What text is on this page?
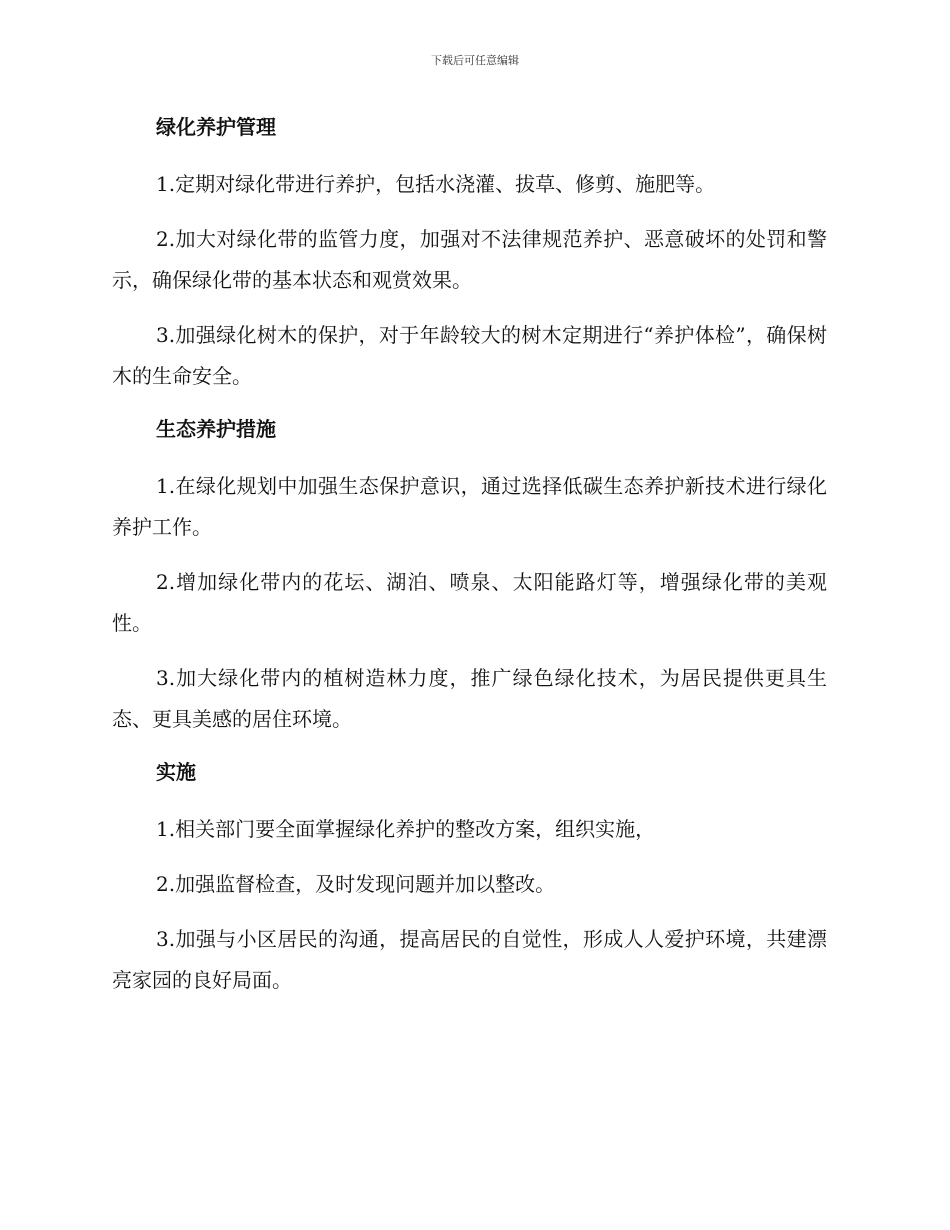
下载后可任意编辑

绿化养护管理

1.定期对绿化带进行养护，包括水浇灌、拔草、修剪、施肥等。

2.加大对绿化带的监管力度，加强对不法律规范养护、恶意破坏的处罚和警示，确保绿化带的基本状态和观赏效果。

3.加强绿化树木的保护，对于年龄较大的树木定期进行“养护体检”，确保树木的生命安全。

生态养护措施

1.在绿化规划中加强生态保护意识，通过选择低碳生态养护新技术进行绿化养护工作。

2.增加绿化带内的花坛、湖泊、喷泉、太阳能路灯等，增强绿化带的美观性。

3.加大绿化带内的植树造林力度，推广绿色绿化技术，为居民提供更具生态、更具美感的居住环境。

实施

1.相关部门要全面掌握绿化养护的整改方案，组织实施，

2.加强监督检查，及时发现问题并加以整改。

3.加强与小区居民的沟通，提高居民的自觉性，形成人人爱护环境，共建漂亮家园的良好局面。
